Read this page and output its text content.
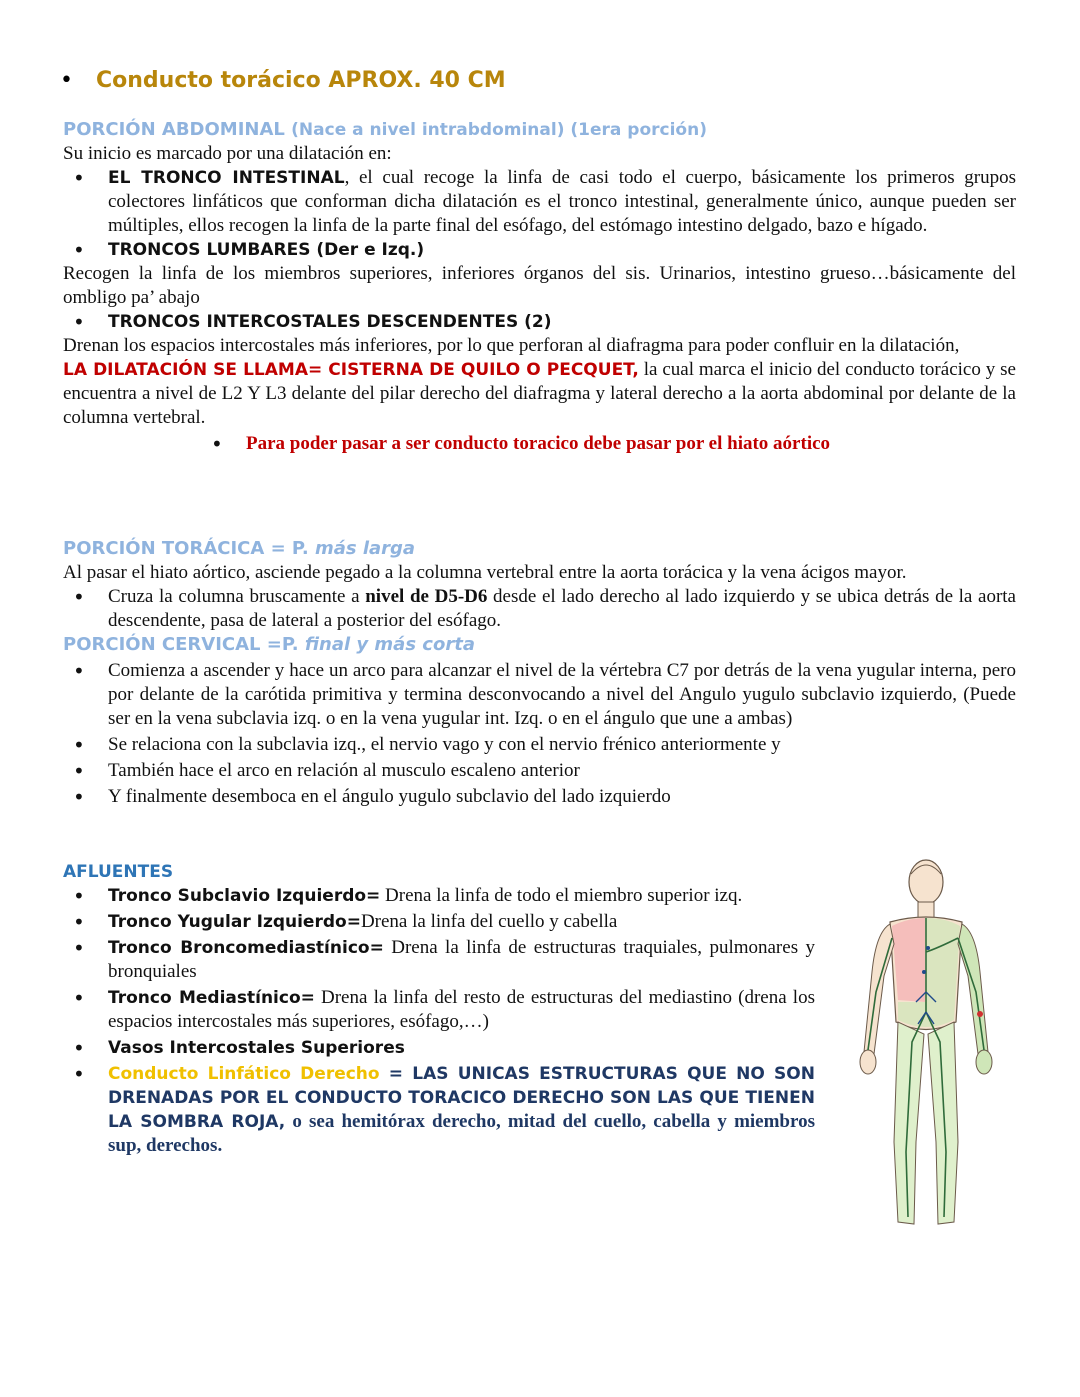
• Conducto torácico APROX. 40 CM
PORCIÓN ABDOMINAL (Nace a nivel intrabdominal) (1era porción)
Su inicio es marcado por una dilatación en:
• EL TRONCO INTESTINAL, el cual recoge la linfa de casi todo el cuerpo, básicamente los primeros grupos colectores linfáticos que conforman dicha dilatación es el tronco intestinal, generalmente único, aunque pueden ser múltiples, ellos recogen la linfa de la parte final del esófago, del estómago intestino delgado, bazo e hígado.
• TRONCOS LUMBARES (Der e Izq.)
Recogen la linfa de los miembros superiores, inferiores órganos del sis. Urinarios, intestino grueso…básicamente del ombligo pa’ abajo
• TRONCOS INTERCOSTALES DESCENDENTES (2)
Drenan los espacios intercostales más inferiores, por lo que perforan al diafragma para poder confluir en la dilatación,
LA DILATACIÓN SE LLAMA= CISTERNA DE QUILO O PECQUET, la cual marca el inicio del conducto torácico y se encuentra a nivel de L2 Y L3 delante del pilar derecho del diafragma y lateral derecho a la aorta abdominal por delante de la columna vertebral.
• Para poder pasar a ser conducto toracico debe pasar por el hiato aórtico
PORCIÓN TORÁCICA = P. más larga
Al pasar el hiato aórtico, asciende pegado a la columna vertebral entre la aorta torácica y la vena ácigos mayor.
• Cruza la columna bruscamente a nivel de D5-D6 desde el lado derecho al lado izquierdo y se ubica detrás de la aorta descendente, pasa de lateral a posterior del esófago.
PORCIÓN CERVICAL =P. final y más corta
• Comienza a ascender y hace un arco para alcanzar el nivel de la vértebra C7 por detrás de la vena yugular interna, pero por delante de la carótida primitiva y termina desconvocando a nivel del Angulo yugulo subclavio izquierdo, (Puede ser en la vena subclavia izq. o en la vena yugular int. Izq. o en el ángulo que une a ambas)
• Se relaciona con la subclavia izq., el nervio vago y con el nervio frénico anteriormente y
• También hace el arco en relación al musculo escaleno anterior
• Y finalmente desemboca en el ángulo yugulo subclavio del lado izquierdo
AFLUENTES
• Tronco Subclavio Izquierdo= Drena la linfa de todo el miembro superior izq.
• Tronco Yugular Izquierdo=Drena la linfa del cuello y cabella
• Tronco Broncomediastínico= Drena la linfa de estructuras traquiales, pulmonares y bronquiales
• Tronco Mediastínico= Drena la linfa del resto de estructuras del mediastino (drena los espacios intercostales más superiores, esófago,…)
• Vasos Intercostales Superiores
• Conducto Linfático Derecho = LAS UNICAS ESTRUCTURAS QUE NO SON DRENADAS POR EL CONDUCTO TORACICO DERECHO SON LAS QUE TIENEN LA SOMBRA ROJA, o sea hemitórax derecho, mitad del cuello, cabella y miembros sup, derechos.
